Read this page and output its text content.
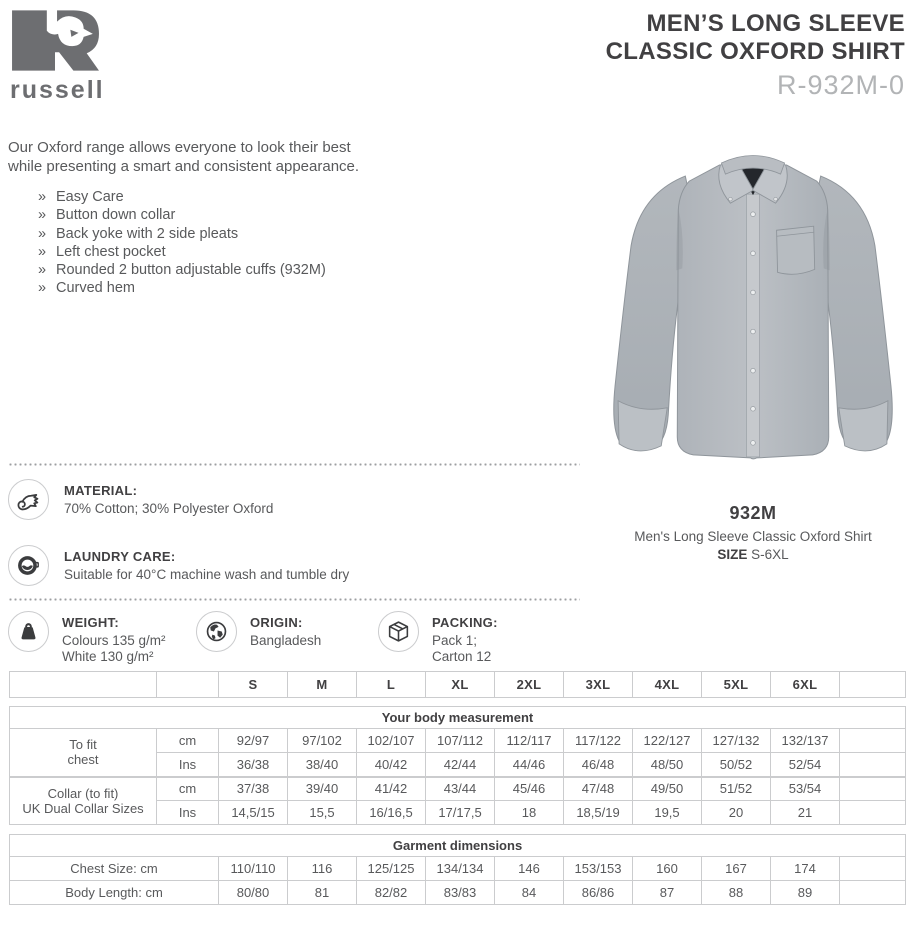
russell
MEN’S LONG SLEEVE
CLASSIC OXFORD SHIRT
R-932M-0

Our Oxford range allows everyone to look their best
while presenting a smart and consistent appearance.

» Easy Care
» Button down collar
» Back yoke with 2 side pleats
» Left chest pocket
» Rounded 2 button adjustable cuffs (932M)
» Curved hem
932M
Men's Long Sleeve Classic Oxford Shirt
SIZE S-6XL
MATERIAL:
70% Cotton; 30% Polyester Oxford
LAUNDRY CARE:
Suitable for 40°C machine wash and tumble dry
WEIGHT:
Colours 135 g/m²
White 130 g/m²
ORIGIN:
Bangladesh
PACKING:
Pack 1;
Carton 12
		S	M	L	XL	2XL	3XL	4XL	5XL	6XL	
Your body measurement											
To fit
chest	cm	92/97	97/102	102/107	107/112	112/117	117/122	122/127	127/132	132/137	
	Ins	36/38	38/40	40/42	42/44	44/46	46/48	48/50	50/52	52/54	
Collar (to fit)
UK Dual Collar Sizes	cm	37/38	39/40	41/42	43/44	45/46	47/48	49/50	51/52	53/54	
	Ins	14,5/15	15,5	16/16,5	17/17,5	18	18,5/19	19,5	20	21	
Garment dimensions										
Chest Size: cm	110/110	116	125/125	134/134	146	153/153	160	167	174	
Body Length: cm	80/80	81	82/82	83/83	84	86/86	87	88	89	
